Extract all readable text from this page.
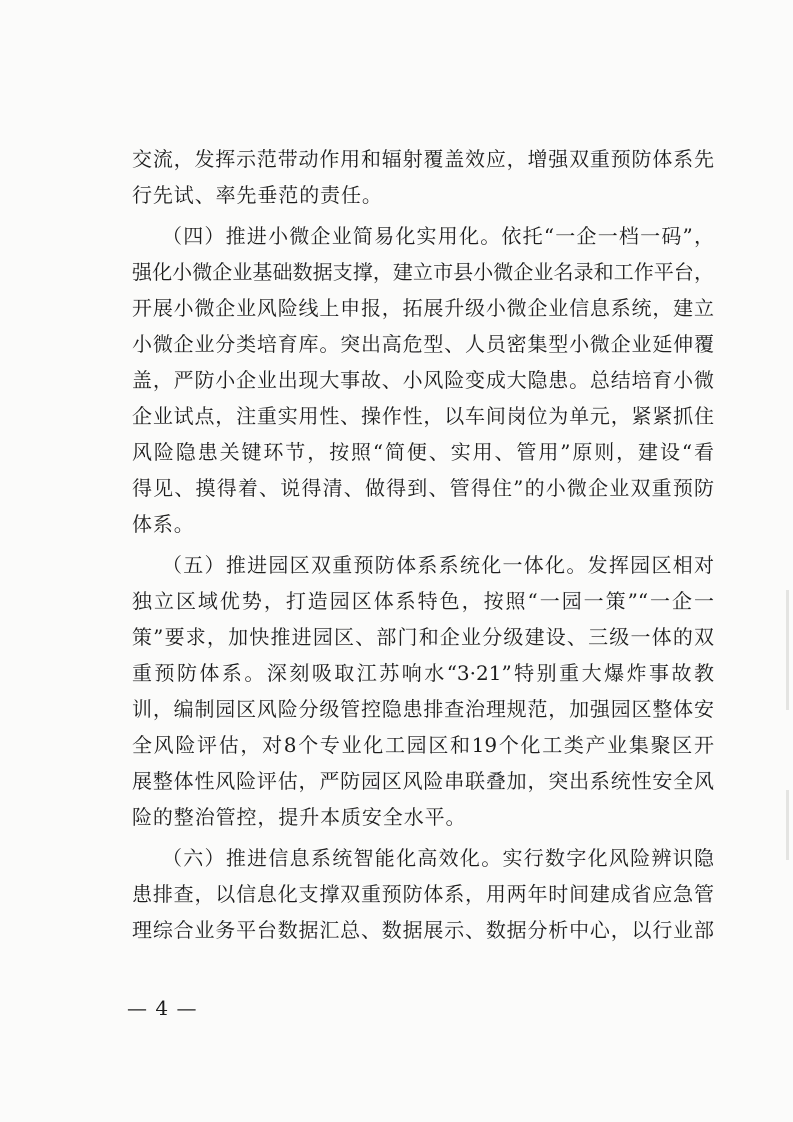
交流，发挥示范带动作用和辐射覆盖效应，增强双重预防体系先
行先试、率先垂范的责任。
（四）推进小微企业简易化实用化。依托“一企一档一码”，
强化小微企业基础数据支撑，建立市县小微企业名录和工作平台，
开展小微企业风险线上申报，拓展升级小微企业信息系统，建立
小微企业分类培育库。突出高危型、人员密集型小微企业延伸覆
盖，严防小企业出现大事故、小风险变成大隐患。总结培育小微
企业试点，注重实用性、操作性，以车间岗位为单元，紧紧抓住
风险隐患关键环节，按照“简便、实用、管用”原则，建设“看
得见、摸得着、说得清、做得到、管得住”的小微企业双重预防
体系。
（五）推进园区双重预防体系系统化一体化。发挥园区相对
独立区域优势，打造园区体系特色，按照“一园一策”“一企一
策”要求，加快推进园区、部门和企业分级建设、三级一体的双
重预防体系。深刻吸取江苏响水“3·21”特别重大爆炸事故教
训，编制园区风险分级管控隐患排查治理规范，加强园区整体安
全风险评估，对8个专业化工园区和19个化工类产业集聚区开
展整体性风险评估，严防园区风险串联叠加，突出系统性安全风
险的整治管控，提升本质安全水平。
（六）推进信息系统智能化高效化。实行数字化风险辨识隐
患排查，以信息化支撑双重预防体系，用两年时间建成省应急管
理综合业务平台数据汇总、数据展示、数据分析中心，以行业部
— 4 —
